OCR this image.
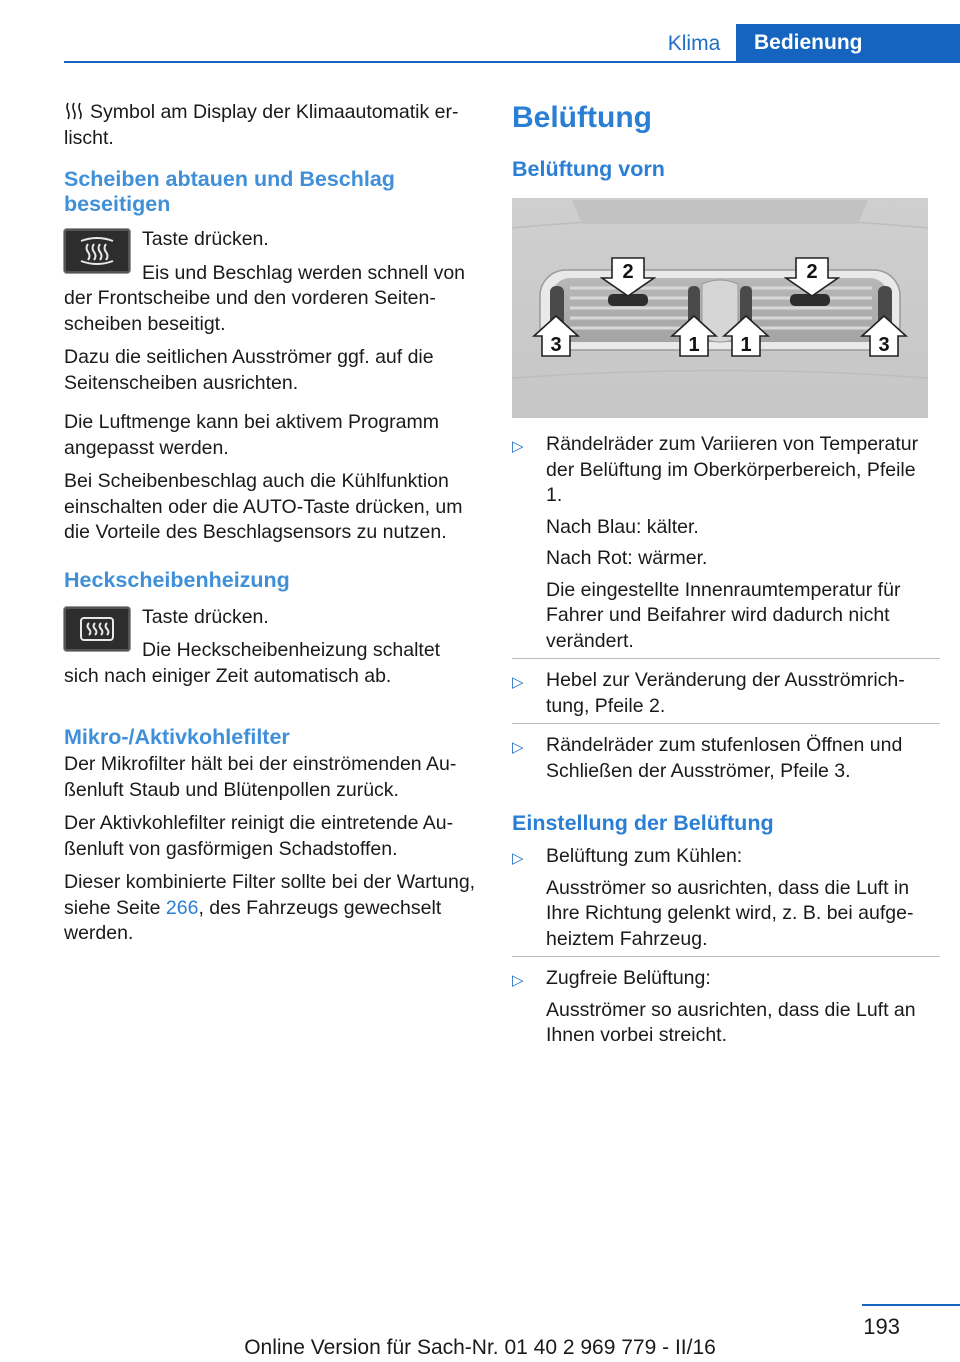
Klima	Bedienung

Symbol am Display der Klimaautomatik erlischt.

Scheiben abtauen und Beschlag beseitigen

Taste drücken.

Eis und Beschlag werden schnell von der Frontscheibe und den vorderen Seitenscheiben beseitigt.

Dazu die seitlichen Ausströmer ggf. auf die Seitenscheiben ausrichten.

Die Luftmenge kann bei aktivem Programm angepasst werden.

Bei Scheibenbeschlag auch die Kühlfunktion einschalten oder die AUTO-Taste drücken, um die Vorteile des Beschlagsensors zu nutzen.

Heckscheibenheizung

Taste drücken.

Die Heckscheibenheizung schaltet sich nach einiger Zeit automatisch ab.

Mikro-/Aktivkohlefilter

Der Mikrofilter hält bei der einströmenden Außenluft Staub und Blütenpollen zurück.

Der Aktivkohlefilter reinigt die eintretende Außenluft von gasförmigen Schadstoffen.

Dieser kombinierte Filter sollte bei der Wartung, siehe Seite 266, des Fahrzeugs gewechselt werden.

Belüftung
Belüftung vorn
2	2
3	1 1	3
▷ Rändelräder zum Variieren von Temperatur der Belüftung im Oberkörperbereich, Pfeile 1.

Nach Blau: kälter.

Nach Rot: wärmer.

Die eingestellte Innenraumtemperatur für Fahrer und Beifahrer wird dadurch nicht verändert.

▷ Hebel zur Veränderung der Ausströmrichtung, Pfeile 2.
▷ Rändelräder zum stufenlosen Öffnen und Schließen der Ausströmer, Pfeile 3.
Einstellung der Belüftung
▷ Belüftung zum Kühlen:

Ausströmer so ausrichten, dass die Luft in Ihre Richtung gelenkt wird, z. B. bei aufgeheiztem Fahrzeug.

▷ Zugfreie Belüftung:

Ausströmer so ausrichten, dass die Luft an Ihnen vorbei streicht.

193
Online Version für Sach-Nr. 01 40 2 969 779 - II/16
